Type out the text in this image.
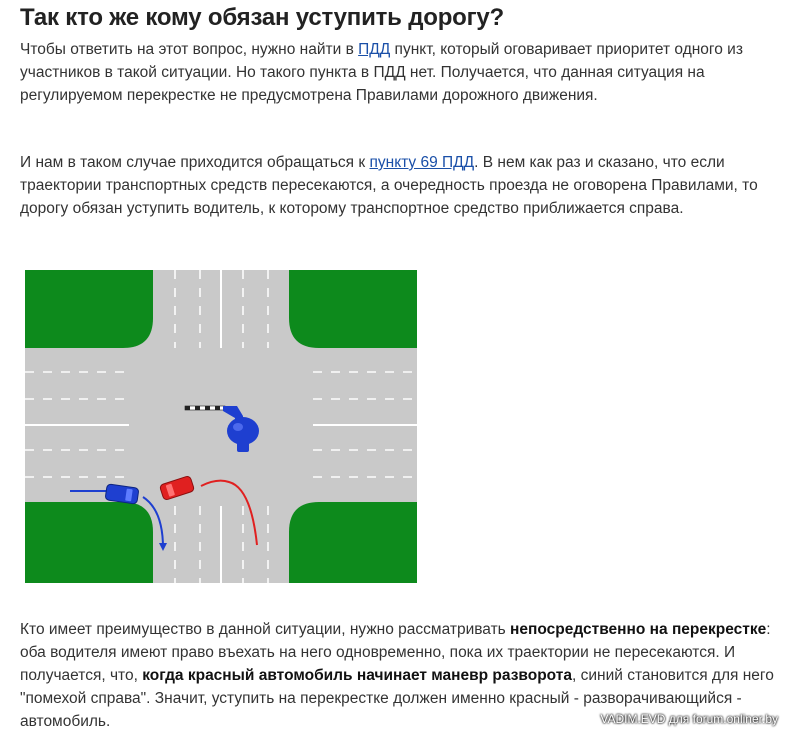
Так кто же кому обязан уступить дорогу?

Чтобы ответить на этот вопрос, нужно найти в ПДД пункт, который оговаривает приоритет одного из участников в такой ситуации. Но такого пункта в ПДД нет. Получается, что данная ситуация на регулируемом перекрестке не предусмотрена Правилами дорожного движения.

И нам в таком случае приходится обращаться к пункту 69 ПДД. В нем как раз и сказано, что если траектории транспортных средств пересекаются, а очередность проезда не оговорена Правилами, то дорогу обязан уступить водитель, к которому транспортное средство приближается справа.

Кто имеет преимущество в данной ситуации, нужно рассматривать непосредственно на перекрестке: оба водителя имеют право въехать на него одновременно, пока их траектории не пересекаются. И получается, что, когда красный автомобиль начинает маневр разворота, синий становится для него "помехой справа". Значит, уступить на перекрестке должен именно красный - разворачивающийся - автомобиль.	VADIM.EVD для forum.onliner.by
